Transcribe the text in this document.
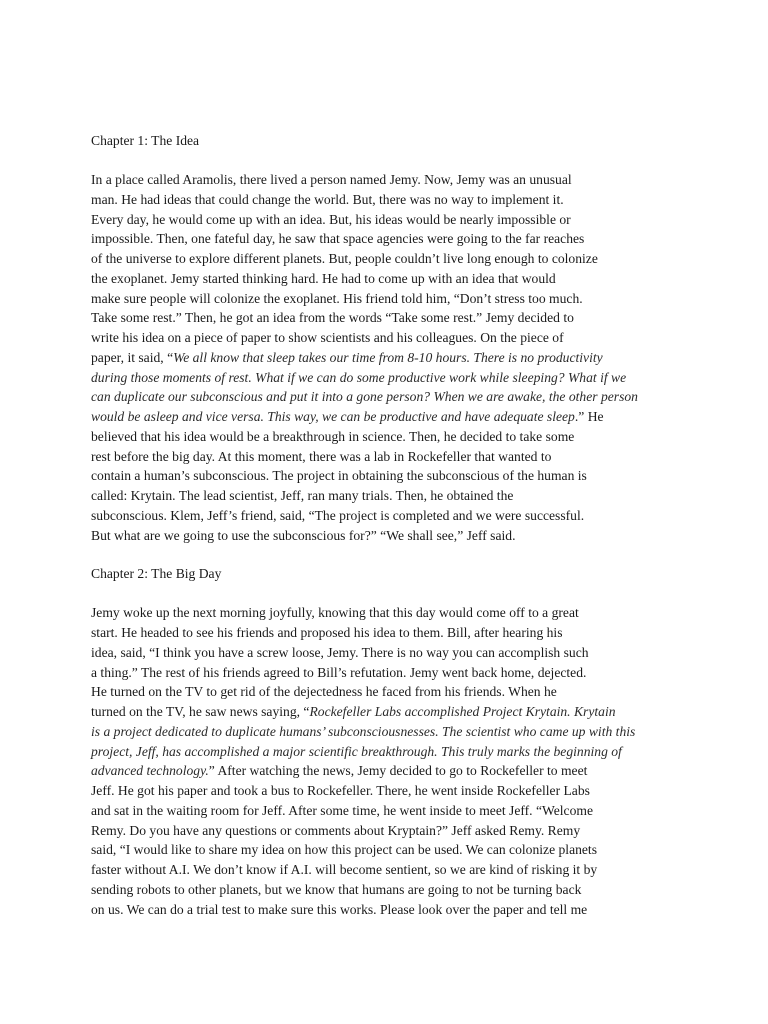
Chapter 1: The Idea
In a place called Aramolis, there lived a person named Jemy. Now, Jemy was an unusual
man. He had ideas that could change the world. But, there was no way to implement it.
Every day, he would come up with an idea. But, his ideas would be nearly impossible or
impossible. Then, one fateful day, he saw that space agencies were going to the far reaches
of the universe to explore different planets. But, people couldn’t live long enough to colonize
the exoplanet. Jemy started thinking hard. He had to come up with an idea that would
make sure people will colonize the exoplanet. His friend told him, “Don’t stress too much.
Take some rest.” Then, he got an idea from the words “Take some rest.” Jemy decided to
write his idea on a piece of paper to show scientists and his colleagues. On the piece of
paper, it said, “We all know that sleep takes our time from 8-10 hours. There is no productivity
during those moments of rest. What if we can do some productive work while sleeping? What if we
can duplicate our subconscious and put it into a gone person? When we are awake, the other person
would be asleep and vice versa. This way, we can be productive and have adequate sleep.” He
believed that his idea would be a breakthrough in science. Then, he decided to take some
rest before the big day. At this moment, there was a lab in Rockefeller that wanted to
contain a human’s subconscious. The project in obtaining the subconscious of the human is
called: Krytain. The lead scientist, Jeff, ran many trials. Then, he obtained the
subconscious. Klem, Jeff’s friend, said, “The project is completed and we were successful.
But what are we going to use the subconscious for?” “We shall see,” Jeff said.
Chapter 2: The Big Day
Jemy woke up the next morning joyfully, knowing that this day would come off to a great
start. He headed to see his friends and proposed his idea to them. Bill, after hearing his
idea, said, “I think you have a screw loose, Jemy. There is no way you can accomplish such
a thing.” The rest of his friends agreed to Bill’s refutation. Jemy went back home, dejected.
He turned on the TV to get rid of the dejectedness he faced from his friends. When he
turned on the TV, he saw news saying, “Rockefeller Labs accomplished Project Krytain. Krytain
is a project dedicated to duplicate humans’ subconsciousnesses. The scientist who came up with this
project, Jeff, has accomplished a major scientific breakthrough. This truly marks the beginning of
advanced technology.” After watching the news, Jemy decided to go to Rockefeller to meet
Jeff. He got his paper and took a bus to Rockefeller. There, he went inside Rockefeller Labs
and sat in the waiting room for Jeff. After some time, he went inside to meet Jeff. “Welcome
Remy. Do you have any questions or comments about Kryptain?” Jeff asked Remy. Remy
said, “I would like to share my idea on how this project can be used. We can colonize planets
faster without A.I. We don’t know if A.I. will become sentient, so we are kind of risking it by
sending robots to other planets, but we know that humans are going to not be turning back
on us. We can do a trial test to make sure this works. Please look over the paper and tell me
